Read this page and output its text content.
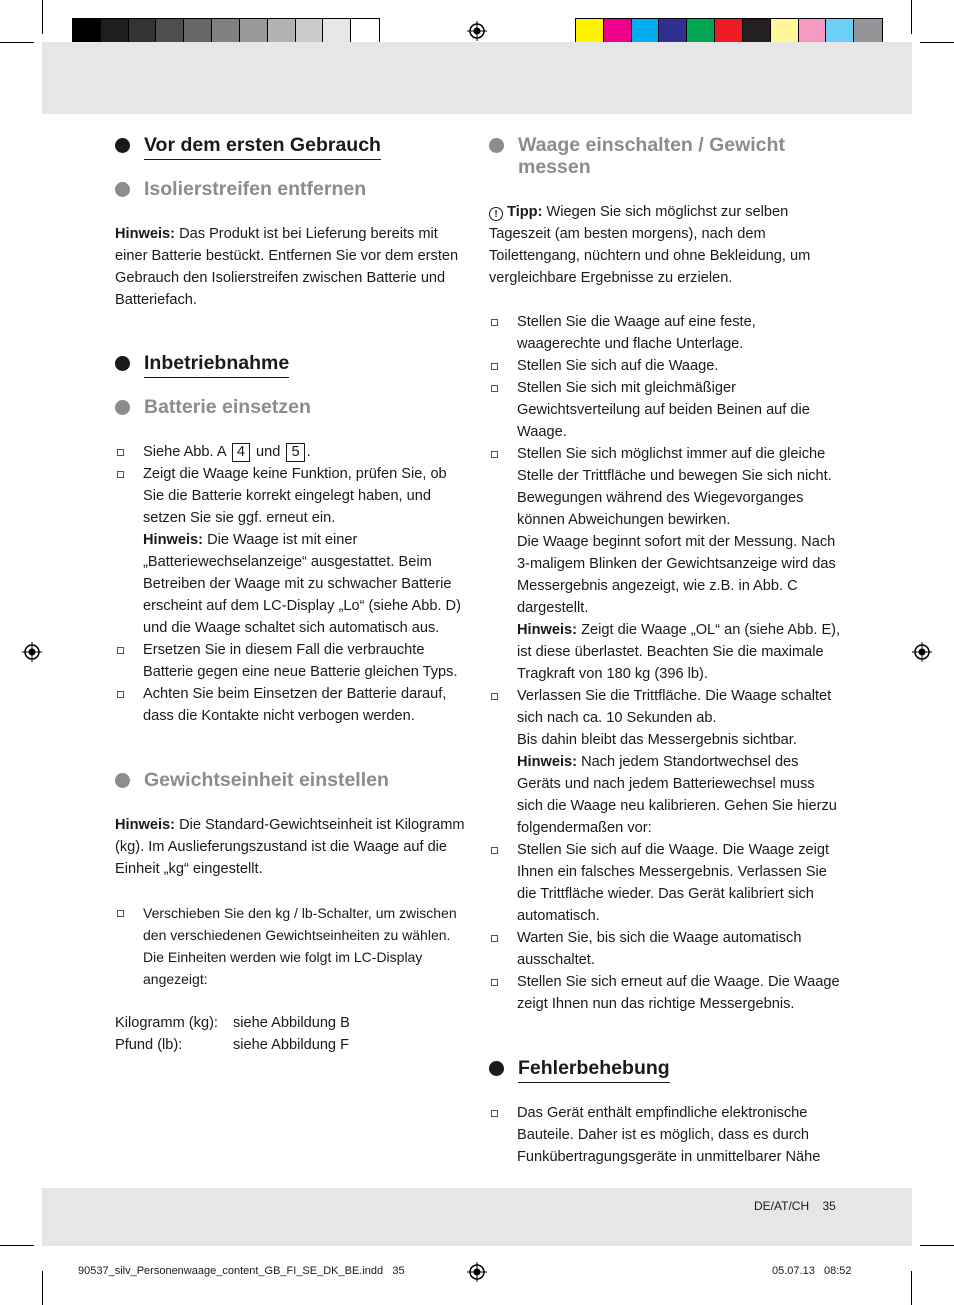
Vor dem ersten Gebrauch
Isolierstreifen entfernen

Hinweis: Das Produkt ist bei Lieferung bereits mit einer Batterie bestückt. Entfernen Sie vor dem ersten Gebrauch den Isolierstreifen zwischen Batterie und Batteriefach.

Inbetriebnahme
Batterie einsetzen
Siehe Abb. A 4 und 5 .
Zeigt die Waage keine Funktion, prüfen Sie, ob Sie die Batterie korrekt eingelegt haben, und setzen Sie sie ggf. erneut ein.
Hinweis: Die Waage ist mit einer „Batteriewechselanzeige“ ausgestattet. Beim Betreiben der Waage mit zu schwacher Batterie erscheint auf dem LC-Display „Lo“ (siehe Abb. D) und die Waage schaltet sich automatisch aus.
Ersetzen Sie in diesem Fall die verbrauchte Batterie gegen eine neue Batterie gleichen Typs.
Achten Sie beim Einsetzen der Batterie darauf, dass die Kontakte nicht verbogen werden.
Gewichtseinheit einstellen

Hinweis: Die Standard-Gewichtseinheit ist Kilogramm (kg). Im Auslieferungszustand ist die Waage auf die Einheit „kg“ eingestellt.

Verschieben Sie den kg / lb-Schalter, um zwischen den verschiedenen Gewichtseinheiten zu wählen. Die Einheiten werden wie folgt im LC-Display angezeigt:
Kilogramm (kg):	siehe Abbildung B
Pfund (lb):	siehe Abbildung F
Waage einschalten / Gewicht messen

! Tipp: Wiegen Sie sich möglichst zur selben Tageszeit (am besten morgens), nach dem Toilettengang, nüchtern und ohne Bekleidung, um vergleichbare Ergebnisse zu erzielen.

Stellen Sie die Waage auf eine feste, waagerechte und flache Unterlage.
Stellen Sie sich auf die Waage.
Stellen Sie sich mit gleichmäßiger Gewichtsverteilung auf beiden Beinen auf die Waage.
Stellen Sie sich möglichst immer auf die gleiche Stelle der Trittfläche und bewegen Sie sich nicht. Bewegungen während des Wiegevorganges können Abweichungen bewirken.
Die Waage beginnt sofort mit der Messung. Nach 3-maligem Blinken der Gewichtsanzeige wird das Messergebnis angezeigt, wie z.B. in Abb. C dargestellt.
Hinweis: Zeigt die Waage „OL“ an (siehe Abb. E), ist diese überlastet. Beachten Sie die maximale Tragkraft von 180 kg (396 lb).
Verlassen Sie die Trittfläche. Die Waage schaltet sich nach ca. 10 Sekunden ab.
Bis dahin bleibt das Messergebnis sichtbar.
Hinweis: Nach jedem Standortwechsel des Geräts und nach jedem Batteriewechsel muss sich die Waage neu kalibrieren. Gehen Sie hierzu folgendermaßen vor:
Stellen Sie sich auf die Waage. Die Waage zeigt Ihnen ein falsches Messergebnis. Verlassen Sie die Trittfläche wieder. Das Gerät kalibriert sich automatisch.
Warten Sie, bis sich die Waage automatisch ausschaltet.
Stellen Sie sich erneut auf die Waage. Die Waage zeigt Ihnen nun das richtige Messergebnis.
Fehlerbehebung
Das Gerät enthält empfindliche elektronische Bauteile. Daher ist es möglich, dass es durch Funkübertragungsgeräte in unmittelbarer Nähe
DE/AT/CH 35
90537_silv_Personenwaage_content_GB_FI_SE_DK_BE.indd 35	05.07.13 08:52
